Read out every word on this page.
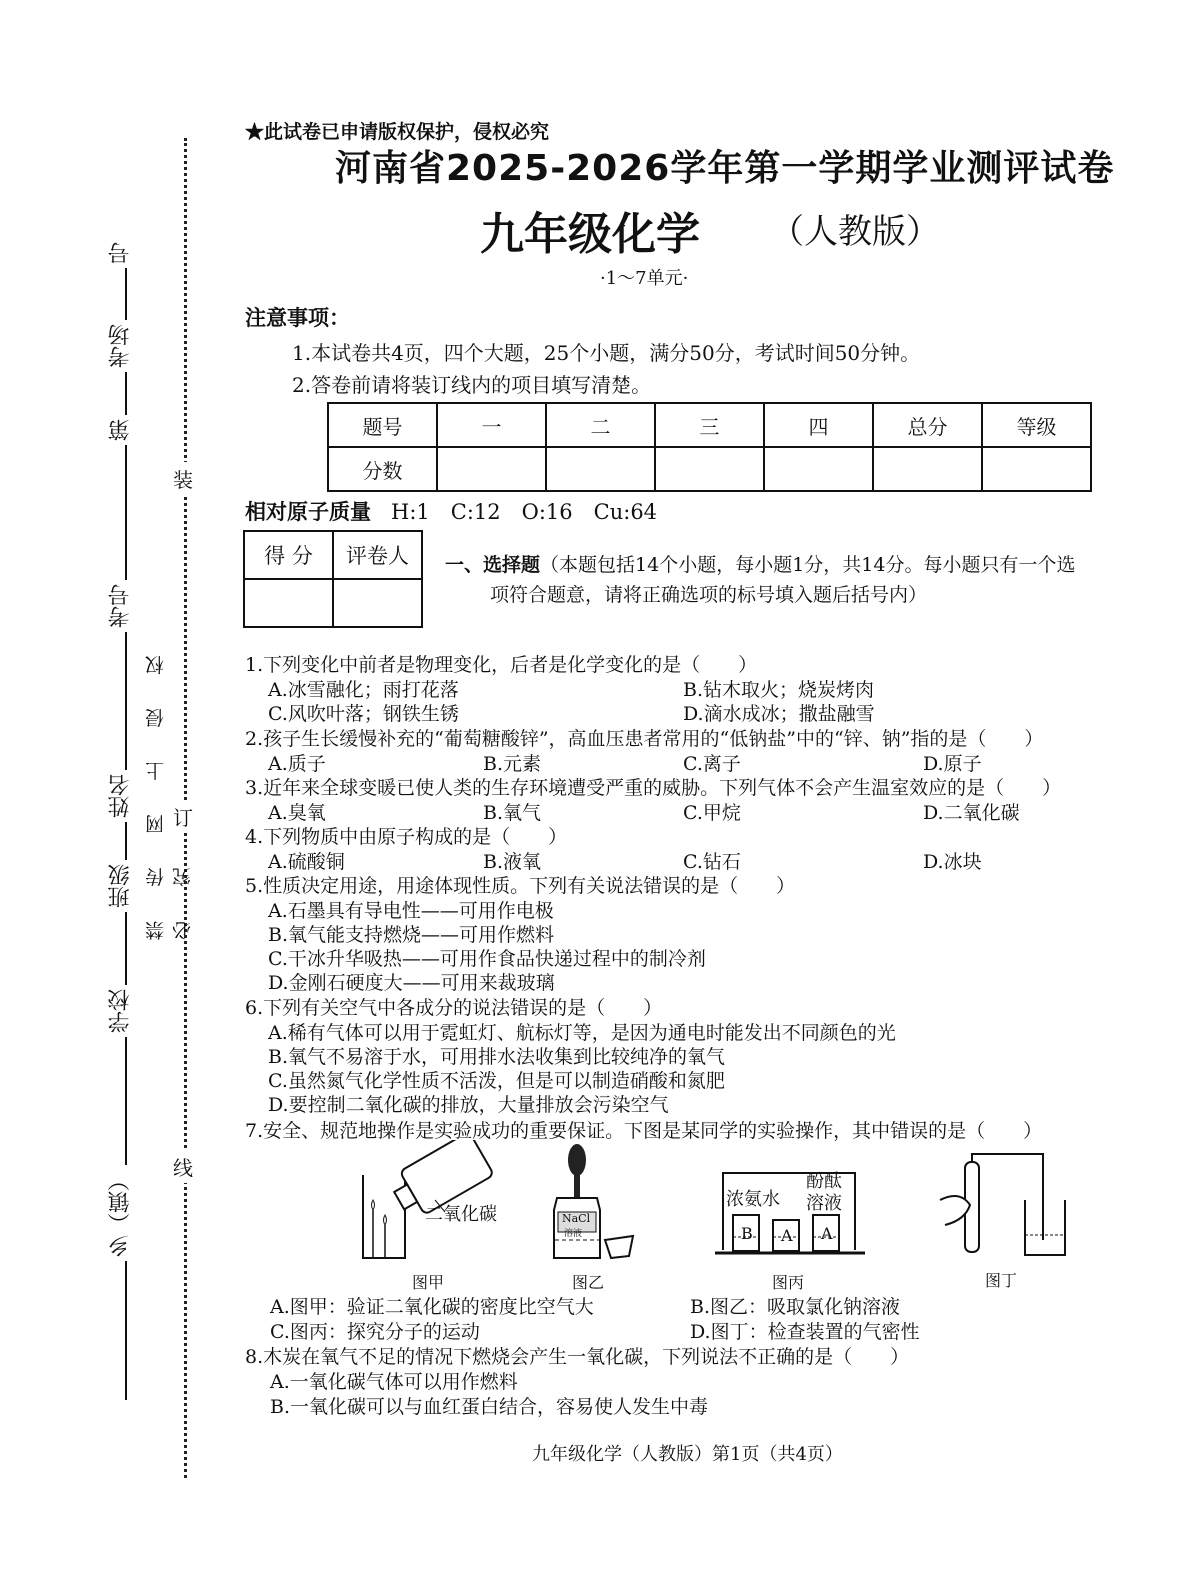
装
订
线
禁 传 网 上 侵 权 必 究
号
考场
第
考号
姓名
班级
学校
乡（镇）
★此试卷已申请版权保护，侵权必究
河南省2025-2026学年第一学期学业测评试卷
九年级化学 （人教版）
·1～7单元·
注意事项：
1.本试卷共4页，四个大题，25个小题，满分50分，考试时间50分钟。
2.答卷前请将装订线内的项目填写清楚。
题号	一	二	三	四	总分	等级
分数						
相对原子质量 H:1　C:12　O:16　Cu:64
得 分	评卷人
	一、选择题（本题包括14个小题，每小题1分，共14分。每小题只有一个选
项符合题意，请将正确选项的标号填入题后括号内）
1.下列变化中前者是物理变化，后者是化学变化的是（　　）
A.冰雪融化；雨打花落	B.钻木取火；烧炭烤肉
C.风吹叶落；钢铁生锈	D.滴水成冰；撒盐融雪
2.孩子生长缓慢补充的“葡萄糖酸锌”，高血压患者常用的“低钠盐”中的“锌、钠”指的是（　　）
A.质子	B.元素	C.离子	D.原子
3.近年来全球变暖已使人类的生存环境遭受严重的威胁。下列气体不会产生温室效应的是（　　）
A.臭氧	B.氧气	C.甲烷	D.二氧化碳
4.下列物质中由原子构成的是（　　）
A.硫酸铜	B.液氧	C.钻石	D.冰块
5.性质决定用途，用途体现性质。下列有关说法错误的是（　　）
A.石墨具有导电性——可用作电极
B.氧气能支持燃烧——可用作燃料
C.干冰升华吸热——可用作食品快递过程中的制冷剂
D.金刚石硬度大——可用来裁玻璃
6.下列有关空气中各成分的说法错误的是（　　）
A.稀有气体可以用于霓虹灯、航标灯等，是因为通电时能发出不同颜色的光
B.氧气不易溶于水，可用排水法收集到比较纯净的氧气
C.虽然氮气化学性质不活泼，但是可以制造硝酸和氮肥
D.要控制二氧化碳的排放，大量排放会污染空气
7.安全、规范地操作是实验成功的重要保证。下图是某同学的实验操作，其中错误的是（　　）
二氧化碳
图甲
NaCl
溶液
图乙
浓氨水
酚酞
溶液
B A A
图丙	图丁
A.图甲：验证二氧化碳的密度比空气大	B.图乙：吸取氯化钠溶液
C.图丙：探究分子的运动	D.图丁：检查装置的气密性
8.木炭在氧气不足的情况下燃烧会产生一氧化碳，下列说法不正确的是（　　）
A.一氧化碳气体可以用作燃料
B.一氧化碳可以与血红蛋白结合，容易使人发生中毒
九年级化学（人教版）第1页（共4页）
